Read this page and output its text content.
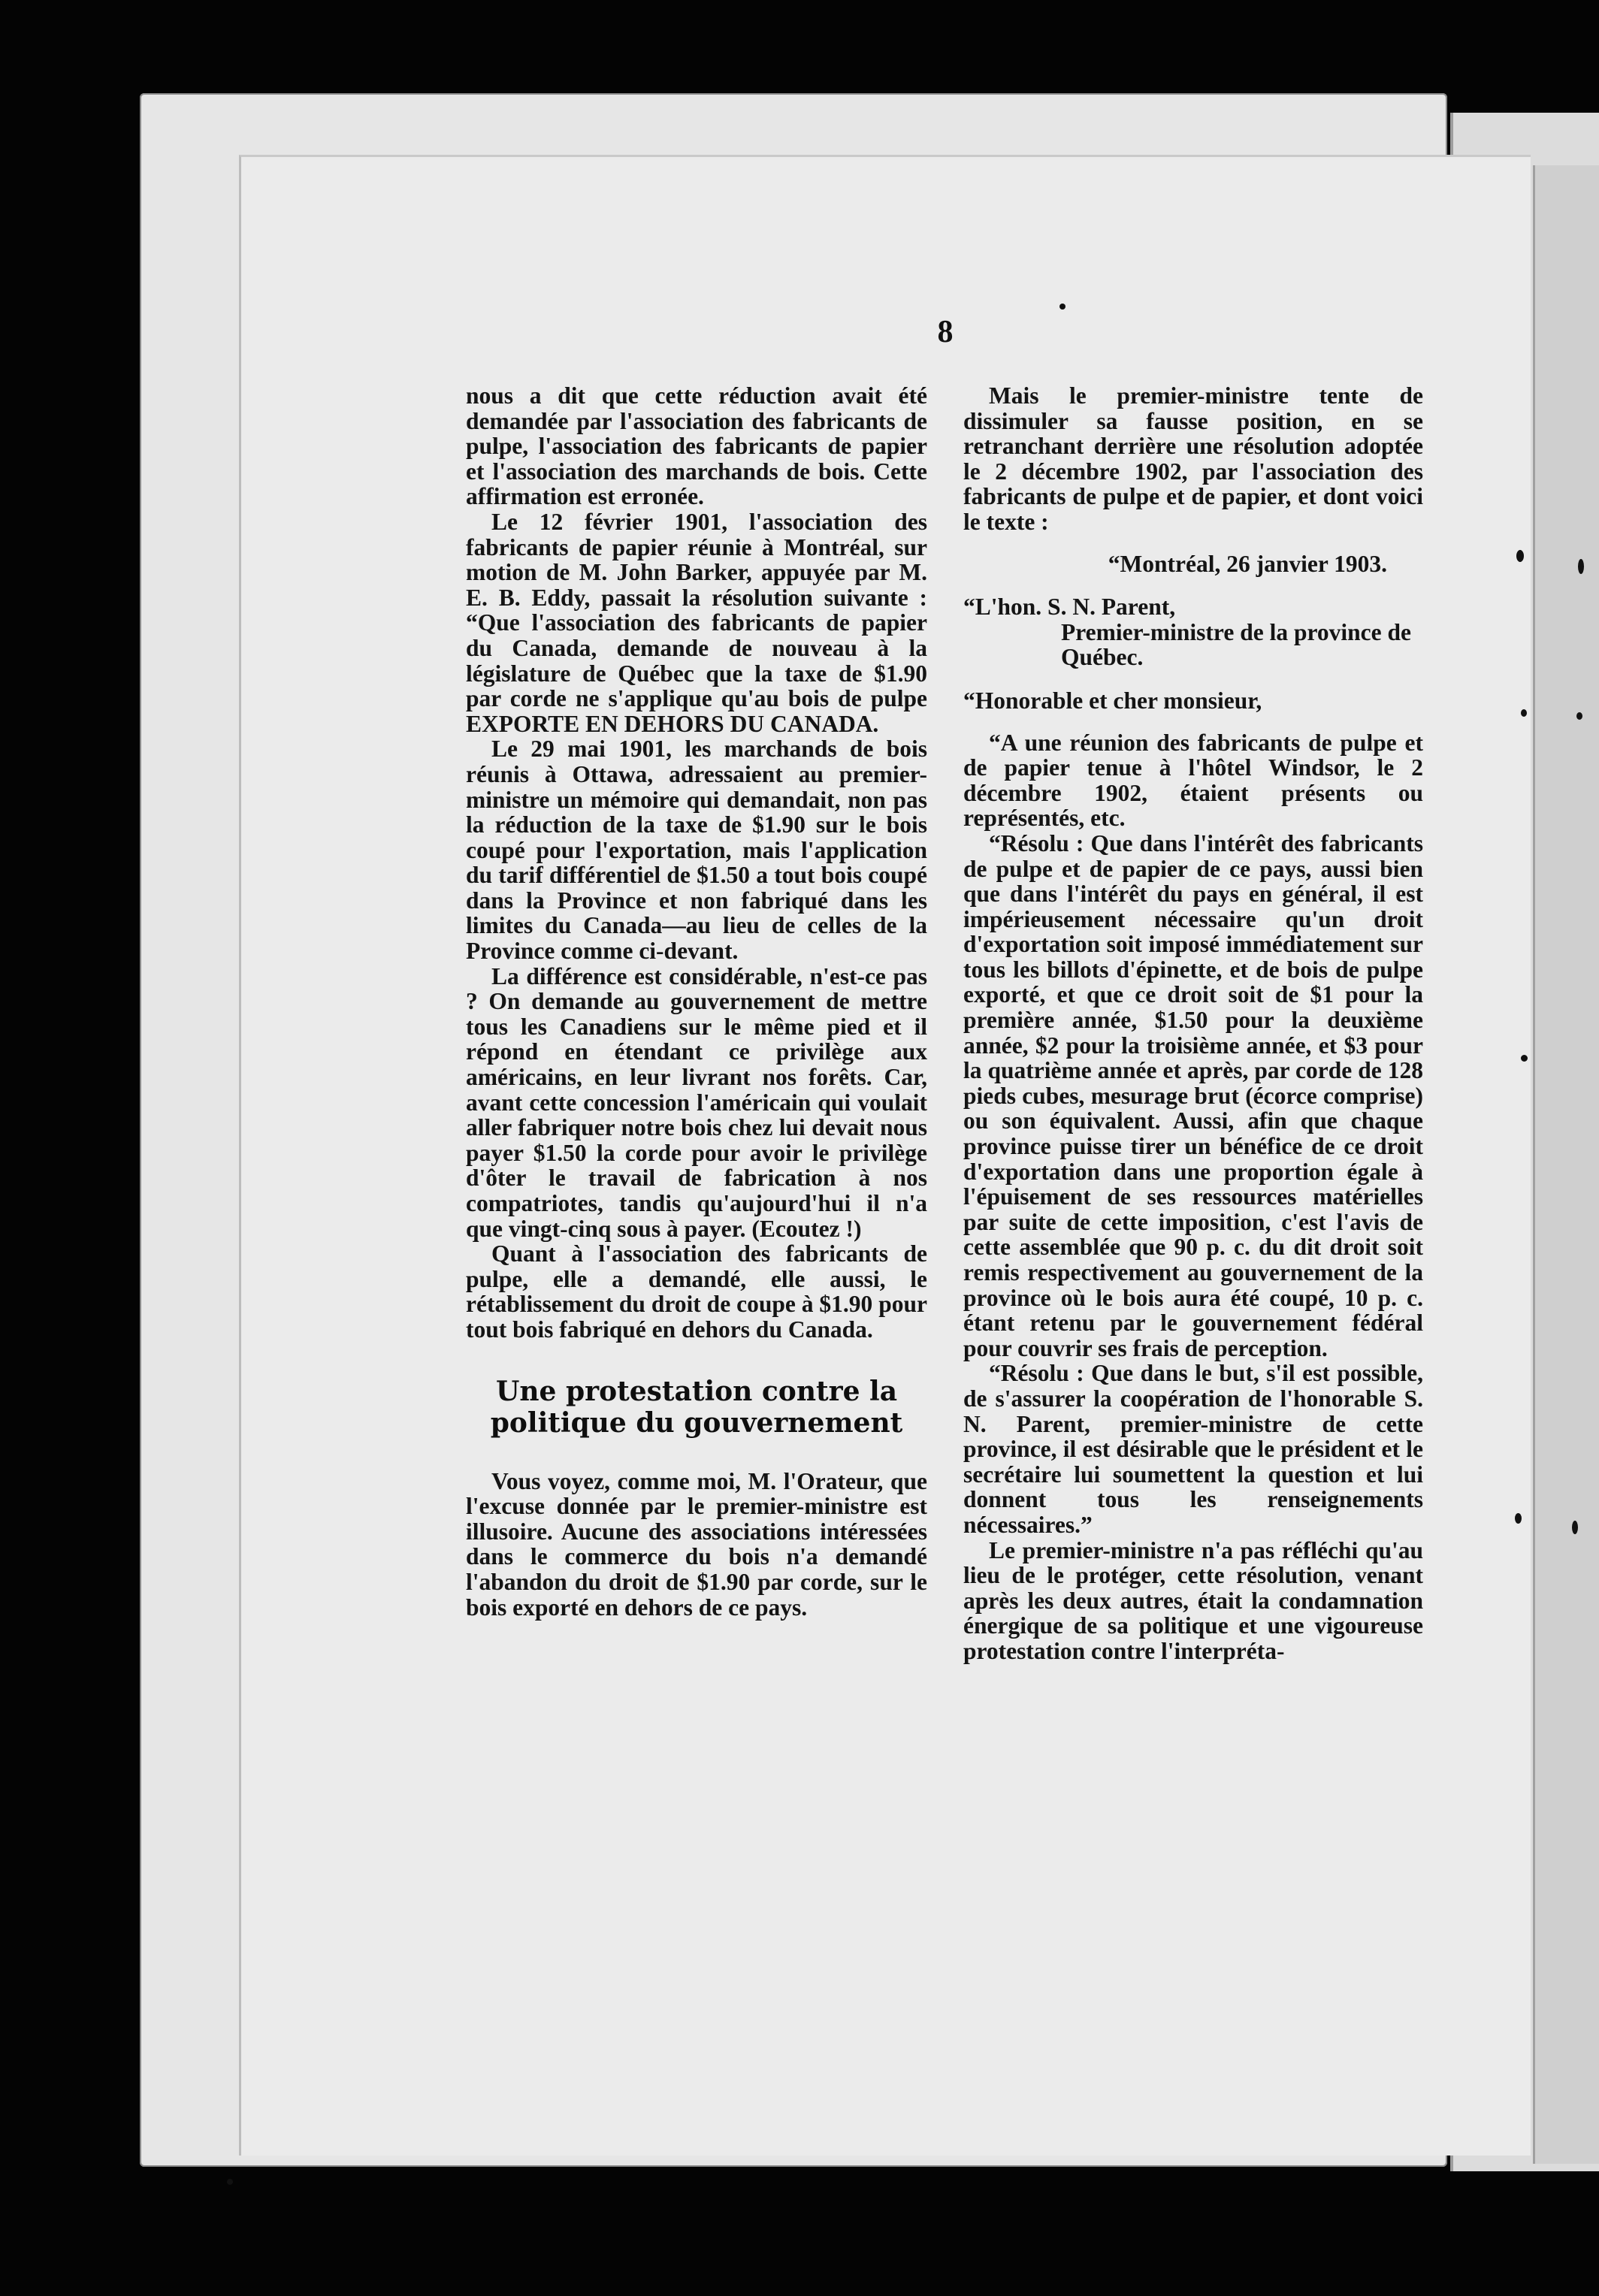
8

nous a dit que cette réduction avait été demandée par l'association des fabricants de pulpe, l'association des fabricants de papier et l'association des marchands de bois. Cette affirmation est erronée.

Le 12 février 1901, l'association des fabricants de papier réunie à Montréal, sur motion de M. John Barker, appuyée par M. E. B. Eddy, passait la résolution suivante : “Que l'association des fabricants de papier du Canada, demande de nouveau à la législature de Québec que la taxe de $1.90 par corde ne s'applique qu'au bois de pulpe EXPORTE EN DEHORS DU CANADA.

Le 29 mai 1901, les marchands de bois réunis à Ottawa, adressaient au premier-ministre un mémoire qui demandait, non pas la réduction de la taxe de $1.90 sur le bois coupé pour l'exportation, mais l'application du tarif différentiel de $1.50 a tout bois coupé dans la Province et non fabriqué dans les limites du Canada—au lieu de celles de la Province comme ci-devant.

La différence est considérable, n'est-ce pas ? On demande au gouvernement de mettre tous les Canadiens sur le même pied et il répond en étendant ce privilège aux américains, en leur livrant nos forêts. Car, avant cette concession l'américain qui voulait aller fabriquer notre bois chez lui devait nous payer $1.50 la corde pour avoir le privilège d'ôter le travail de fabrication à nos compatriotes, tandis qu'aujourd'hui il n'a que vingt-cinq sous à payer. (Ecoutez !)

Quant à l'association des fabricants de pulpe, elle a demandé, elle aussi, le rétablissement du droit de coupe à $1.90 pour tout bois fabriqué en dehors du Canada.

Une protestation contre la politique du gouvernement

Vous voyez, comme moi, M. l'Orateur, que l'excuse donnée par le premier-ministre est illusoire. Aucune des associations intéressées dans le commerce du bois n'a demandé l'abandon du droit de $1.90 par corde, sur le bois exporté en dehors de ce pays.

Mais le premier-ministre tente de dissimuler sa fausse position, en se retranchant derrière une résolution adoptée le 2 décembre 1902, par l'association des fabricants de pulpe et de papier, et dont voici le texte :

“Montréal, 26 janvier 1903.

“L'hon. S. N. Parent,

Premier-ministre de la province de Québec.

“Honorable et cher monsieur,

“A une réunion des fabricants de pulpe et de papier tenue à l'hôtel Windsor, le 2 décembre 1902, étaient présents ou représentés, etc.

“Résolu : Que dans l'intérêt des fabricants de pulpe et de papier de ce pays, aussi bien que dans l'intérêt du pays en général, il est impérieusement nécessaire qu'un droit d'exportation soit imposé immédiatement sur tous les billots d'épinette, et de bois de pulpe exporté, et que ce droit soit de $1 pour la première année, $1.50 pour la deuxième année, $2 pour la troisième année, et $3 pour la quatrième année et après, par corde de 128 pieds cubes, mesurage brut (écorce comprise) ou son équivalent. Aussi, afin que chaque province puisse tirer un bénéfice de ce droit d'exportation dans une proportion égale à l'épuisement de ses ressources matérielles par suite de cette imposition, c'est l'avis de cette assemblée que 90 p. c. du dit droit soit remis respectivement au gouvernement de la province où le bois aura été coupé, 10 p. c. étant retenu par le gouvernement fédéral pour couvrir ses frais de perception.

“Résolu : Que dans le but, s'il est possible, de s'assurer la coopération de l'honorable S. N. Parent, premier-ministre de cette province, il est désirable que le président et le secrétaire lui soumettent la question et lui donnent tous les renseignements nécessaires.”

Le premier-ministre n'a pas réfléchi qu'au lieu de le protéger, cette résolution, venant après les deux autres, était la condamnation énergique de sa politique et une vigoureuse protestation contre l'interpréta-
